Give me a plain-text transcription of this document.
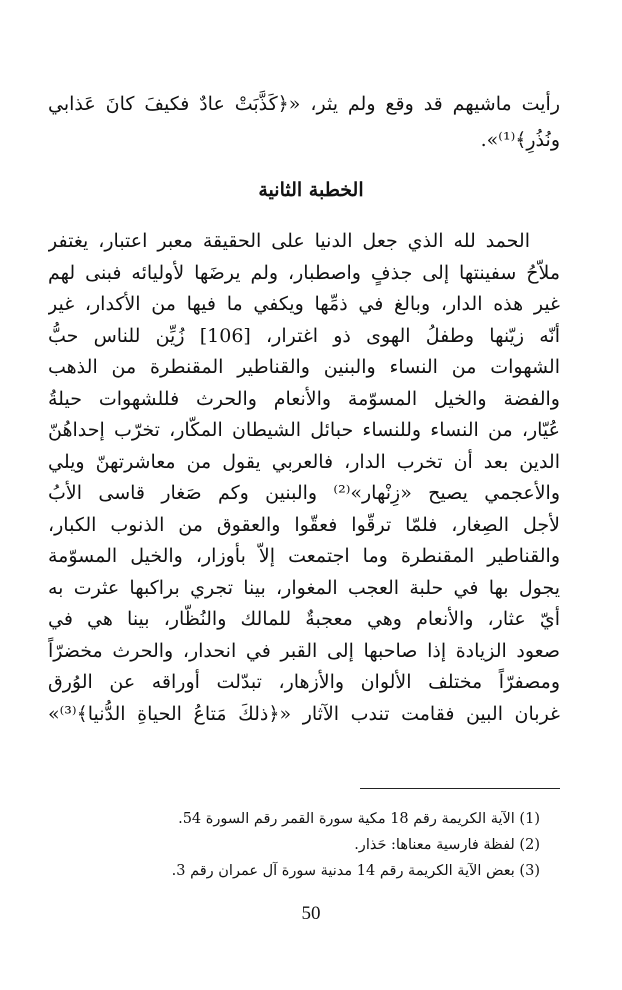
رأيت ماشيهم قد وقع ولم يثر، «﴿كَذَّبَتْ عادٌ فكيفَ كانَ عَذابي
ونُذُرِ﴾⁽¹⁾».
الخطبة الثانية
الحمد لله الذي جعل الدنيا على الحقيقة معبر اعتبار، يغتفر
ملاّحُ سفينتها إلى جذفٍ واصطبار، ولم يرضَها لأوليائه فبنى لهم
غير هذه الدار، وبالغ في ذمِّها ويكفي ما فيها من الأكدار، غير
أنّه زيّنها وطفلُ الهوى ذو اغترار، [106] زُيِّن للناس حبُّ
الشهوات من النساء والبنين والقناطير المقنطرة من الذهب
والفضة والخيل المسوّمة والأنعام والحرث فللشهوات حيلةُ
عُيّار، من النساء وللنساء حبائل الشيطان المكّار، تخرّب إحداهُنّ
الدين بعد أن تخرب الدار، فالعربي يقول من معاشرتهنّ ويلي
والأعجمي يصيح «زِنْهار»⁽²⁾ والبنين وكم صَغار قاسى الأبُ
لأجل الصِغار، فلمّا ترقّوا فعقّوا والعقوق من الذنوب الكبار،
والقناطير المقنطرة وما اجتمعت إلاّ بأوزار، والخيل المسوّمة
يجول بها في حلبة العجب المغوار، بينا تجري براكبها عثرت به
أيّ عثار، والأنعام وهي معجبةٌ للمالك والنُظّار، بينا هي في
صعود الزيادة إذا صاحبها إلى القبر في انحدار، والحرث مخضرّاً
ومصفرّاً مختلف الألوان والأزهار، تبدّلت أوراقه عن الوُرق
غربان البين فقامت تندب الآثار «﴿ذلكَ مَتاعُ الحياةِ الدُّنيا﴾⁽³⁾»
(1) الآية الكريمة رقم 18 مكية سورة القمر رقم السورة 54.
(2) لفظة فارسية معناها: حَذار.
(3) بعض الآية الكريمة رقم 14 مدنية سورة آل عمران رقم 3.
50
